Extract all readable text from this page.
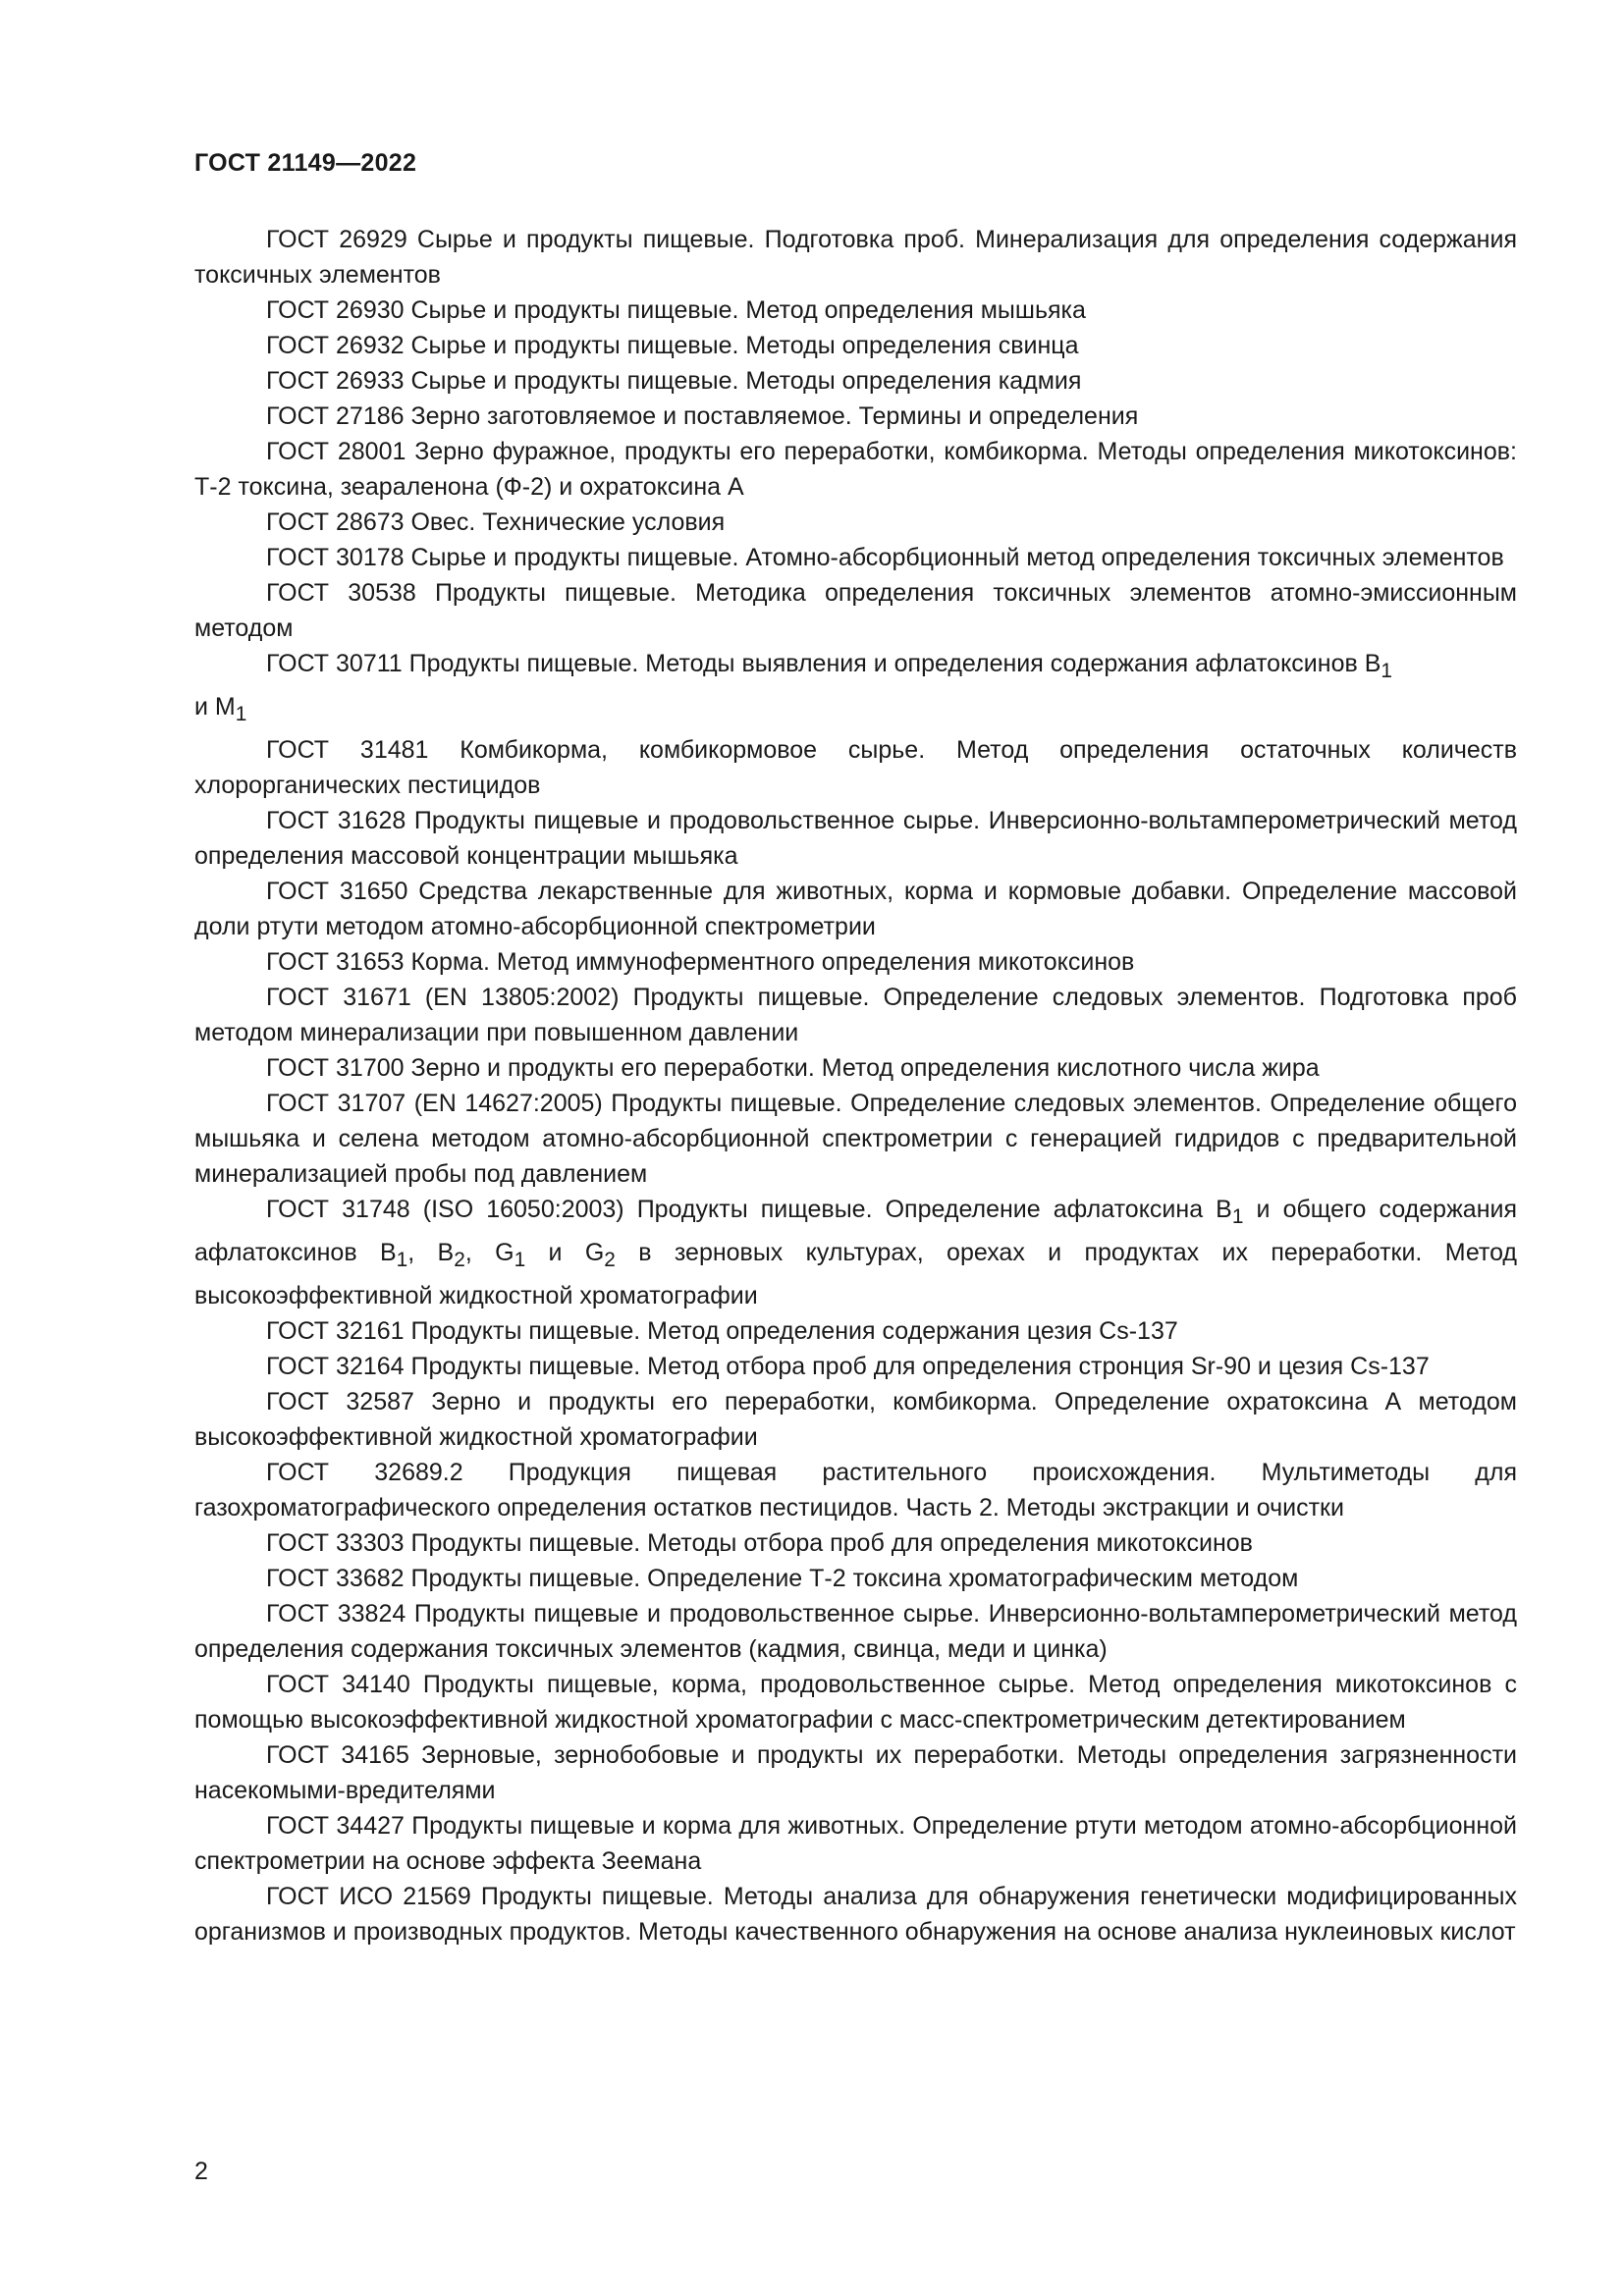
ГОСТ 21149—2022

ГОСТ 26929 Сырье и продукты пищевые. Подготовка проб. Минерализация для определения содержания токсичных элементов

ГОСТ 26930 Сырье и продукты пищевые. Метод определения мышьяка

ГОСТ 26932 Сырье и продукты пищевые. Методы определения свинца

ГОСТ 26933 Сырье и продукты пищевые. Методы определения кадмия

ГОСТ 27186 Зерно заготовляемое и поставляемое. Термины и определения

ГОСТ 28001 Зерно фуражное, продукты его переработки, комбикорма. Методы определения микотоксинов: Т-2 токсина, зеараленона (Ф-2) и охратоксина А

ГОСТ 28673 Овес. Технические условия

ГОСТ 30178 Сырье и продукты пищевые. Атомно-абсорбционный метод определения токсичных элементов

ГОСТ 30538 Продукты пищевые. Методика определения токсичных элементов атомно-эмиссионным методом

ГОСТ 30711 Продукты пищевые. Методы выявления и определения содержания афлатоксинов $B_1$

и $M_1$

ГОСТ 31481 Комбикорма, комбикормовое сырье. Метод определения остаточных количеств хлорорганических пестицидов

ГОСТ 31628 Продукты пищевые и продовольственное сырье. Инверсионно-вольтамперометрический метод определения массовой концентрации мышьяка

ГОСТ 31650 Средства лекарственные для животных, корма и кормовые добавки. Определение массовой доли ртути методом атомно-абсорбционной спектрометрии

ГОСТ 31653 Корма. Метод иммуноферментного определения микотоксинов

ГОСТ 31671 (EN 13805:2002) Продукты пищевые. Определение следовых элементов. Подготовка проб методом минерализации при повышенном давлении

ГОСТ 31700 Зерно и продукты его переработки. Метод определения кислотного числа жира

ГОСТ 31707 (EN 14627:2005) Продукты пищевые. Определение следовых элементов. Определение общего мышьяка и селена методом атомно-абсорбционной спектрометрии с генерацией гидридов с предварительной минерализацией пробы под давлением

ГОСТ 31748 (ISO 16050:2003) Продукты пищевые. Определение афлатоксина $B_1$ и общего содержания афлатоксинов $B_1$, $B_2$, $G_1$ и $G_2$ в зерновых культурах, орехах и продуктах их переработки. Метод высокоэффективной жидкостной хроматографии

ГОСТ 32161 Продукты пищевые. Метод определения содержания цезия Cs-137

ГОСТ 32164 Продукты пищевые. Метод отбора проб для определения стронция Sr-90 и цезия Cs-137

ГОСТ 32587 Зерно и продукты его переработки, комбикорма. Определение охратоксина А методом высокоэффективной жидкостной хроматографии

ГОСТ 32689.2 Продукция пищевая растительного происхождения. Мультиметоды для газохроматографического определения остатков пестицидов. Часть 2. Методы экстракции и очистки

ГОСТ 33303 Продукты пищевые. Методы отбора проб для определения микотоксинов

ГОСТ 33682 Продукты пищевые. Определение Т-2 токсина хроматографическим методом

ГОСТ 33824 Продукты пищевые и продовольственное сырье. Инверсионно-вольтамперометрический метод определения содержания токсичных элементов (кадмия, свинца, меди и цинка)

ГОСТ 34140 Продукты пищевые, корма, продовольственное сырье. Метод определения микотоксинов с помощью высокоэффективной жидкостной хроматографии с масс-спектрометрическим детектированием

ГОСТ 34165 Зерновые, зернобобовые и продукты их переработки. Методы определения загрязненности насекомыми-вредителями

ГОСТ 34427 Продукты пищевые и корма для животных. Определение ртути методом атомно-абсорбционной спектрометрии на основе эффекта Зеемана

ГОСТ ИСО 21569 Продукты пищевые. Методы анализа для обнаружения генетически модифицированных организмов и производных продуктов. Методы качественного обнаружения на основе анализа нуклеиновых кислот

2
